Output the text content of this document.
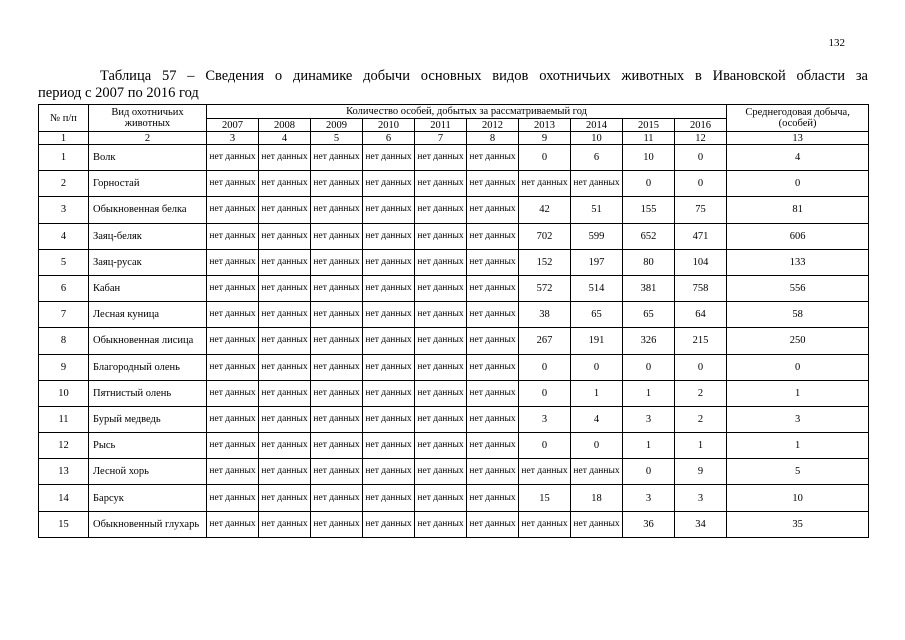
132
Таблица 57 – Сведения о динамике добычи основных видов охотничьих животных в Ивановской области за
период с 2007 по 2016 год
№ п/п	Вид охотничьих животных	Количество особей, добытых за рассматриваемый год										Среднегодовая добыча, (особей)
		2007	2008	2009	2010	2011	2012	2013	2014	2015	2016	
1	2	3	4	5	6	7	8	9	10	11	12	13
1	Волк	нет данных	нет данных	нет данных	нет данных	нет данных	нет данных	0	6	10	0	4
2	Горностай	нет данных	нет данных	нет данных	нет данных	нет данных	нет данных	нет данных	нет данных	0	0	0
3	Обыкновенная белка	нет данных	нет данных	нет данных	нет данных	нет данных	нет данных	42	51	155	75	81
4	Заяц-беляк	нет данных	нет данных	нет данных	нет данных	нет данных	нет данных	702	599	652	471	606
5	Заяц-русак	нет данных	нет данных	нет данных	нет данных	нет данных	нет данных	152	197	80	104	133
6	Кабан	нет данных	нет данных	нет данных	нет данных	нет данных	нет данных	572	514	381	758	556
7	Лесная куница	нет данных	нет данных	нет данных	нет данных	нет данных	нет данных	38	65	65	64	58
8	Обыкновенная лисица	нет данных	нет данных	нет данных	нет данных	нет данных	нет данных	267	191	326	215	250
9	Благородный олень	нет данных	нет данных	нет данных	нет данных	нет данных	нет данных	0	0	0	0	0
10	Пятнистый олень	нет данных	нет данных	нет данных	нет данных	нет данных	нет данных	0	1	1	2	1
11	Бурый медведь	нет данных	нет данных	нет данных	нет данных	нет данных	нет данных	3	4	3	2	3
12	Рысь	нет данных	нет данных	нет данных	нет данных	нет данных	нет данных	0	0	1	1	1
13	Лесной хорь	нет данных	нет данных	нет данных	нет данных	нет данных	нет данных	нет данных	нет данных	0	9	5
14	Барсук	нет данных	нет данных	нет данных	нет данных	нет данных	нет данных	15	18	3	3	10
15	Обыкновенный глухарь	нет данных	нет данных	нет данных	нет данных	нет данных	нет данных	нет данных	нет данных	36	34	35
